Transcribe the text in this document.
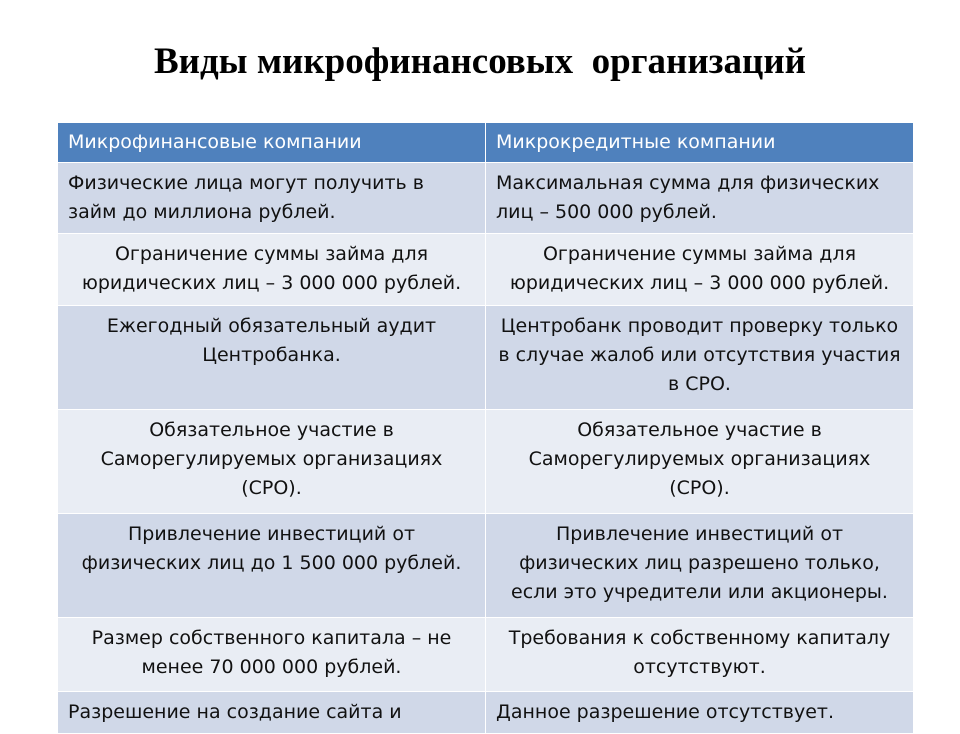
Виды микрофинансовых  организаций
Микрофинансовые компании	Микрокредитные компании
Физические лица могут получить в займ до миллиона рублей.	Максимальная сумма для физических лиц – 500 000 рублей.
Ограничение суммы займа для юридических лиц – 3 000 000 рублей.	Ограничение суммы займа для юридических лиц – 3 000 000 рублей.
Ежегодный обязательный аудит Центробанка.	Центробанк проводит проверку только в случае жалоб или отсутствия участия в СРО.
Обязательное участие в Саморегулируемых организациях (СРО).	Обязательное участие в Саморегулируемых организациях (СРО).
Привлечение инвестиций от физических лиц до 1 500 000 рублей.	Привлечение инвестиций от физических лиц разрешено только, если это учредители или акционеры.
Размер собственного капитала – не менее 70 000 000 рублей.	Требования к собственному капиталу отсутствуют.
Разрешение на создание сайта и	Данное разрешение отсутствует.
